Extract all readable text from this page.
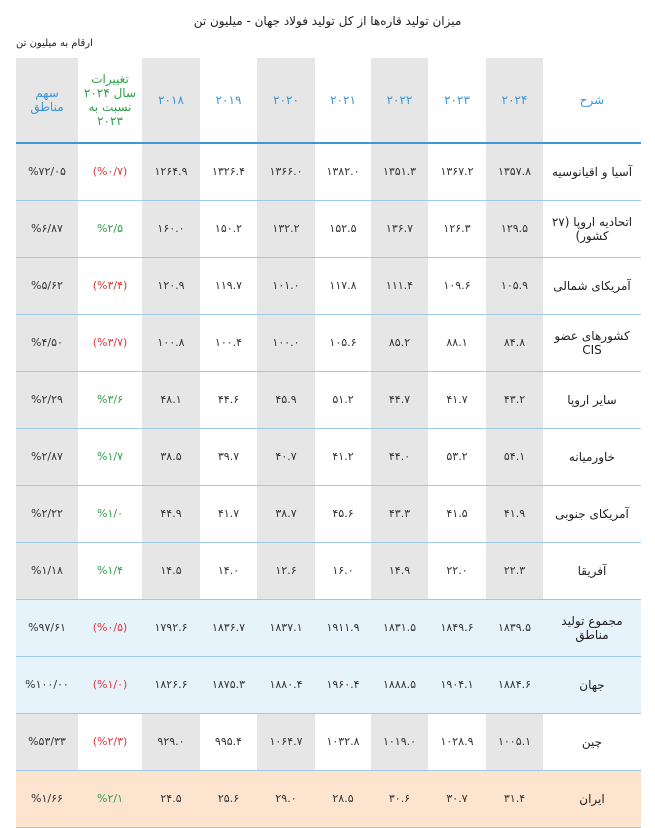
میزان تولید قاره‌ها از کل تولید فولاد جهان - میلیون تن
ارقام به میلیون تن
شرح	۲۰۲۴	۲۰۲۳	۲۰۲۲	۲۰۲۱	۲۰۲۰	۲۰۱۹	۲۰۱۸	تغییرات سال ۲۰۲۴ نسبت به ۲۰۲۳	سهم مناطق
آسیا و اقیانوسیه	۱۳۵۷.۸	۱۳۶۷.۲	۱۳۵۱.۳	۱۳۸۲.۰	۱۳۶۶.۰	۱۳۲۶.۴	۱۲۶۴.۹	(%۰/۷)	%۷۲/۰۵
اتحادیه اروپا (۲۷ کشور)	۱۲۹.۵	۱۲۶.۳	۱۳۶.۷	۱۵۲.۵	۱۳۲.۲	۱۵۰.۲	۱۶۰.۰	%۲/۵	%۶/۸۷
آمریکای شمالی	۱۰۵.۹	۱۰۹.۶	۱۱۱.۴	۱۱۷.۸	۱۰۱.۰	۱۱۹.۷	۱۲۰.۹	(%۳/۴)	%۵/۶۲
کشورهای عضو CIS	۸۴.۸	۸۸.۱	۸۵.۲	۱۰۵.۶	۱۰۰.۰	۱۰۰.۴	۱۰۰.۸	(%۳/۷)	%۴/۵۰
سایر اروپا	۴۳.۲	۴۱.۷	۴۴.۷	۵۱.۲	۴۵.۹	۴۴.۶	۴۸.۱	%۳/۶	%۲/۲۹
خاورمیانه	۵۴.۱	۵۳.۲	۴۴.۰	۴۱.۲	۴۰.۷	۳۹.۷	۳۸.۵	%۱/۷	%۲/۸۷
آمریکای جنوبی	۴۱.۹	۴۱.۵	۴۳.۳	۴۵.۶	۳۸.۷	۴۱.۷	۴۴.۹	%۱/۰	%۲/۲۲
آفریقا	۲۲.۳	۲۲.۰	۱۴.۹	۱۶.۰	۱۲.۶	۱۴.۰	۱۴.۵	%۱/۴	%۱/۱۸
مجموع تولید مناطق	۱۸۳۹.۵	۱۸۴۹.۶	۱۸۳۱.۵	۱۹۱۱.۹	۱۸۳۷.۱	۱۸۳۶.۷	۱۷۹۲.۶	(%۰/۵)	%۹۷/۶۱
جهان	۱۸۸۴.۶	۱۹۰۴.۱	۱۸۸۸.۵	۱۹۶۰.۴	۱۸۸۰.۴	۱۸۷۵.۳	۱۸۲۶.۶	(%۱/۰)	%۱۰۰/۰۰
چین	۱۰۰۵.۱	۱۰۲۸.۹	۱۰۱۹.۰	۱۰۳۲.۸	۱۰۶۴.۷	۹۹۵.۴	۹۲۹.۰	(%۲/۳)	%۵۳/۳۳
ایران	۳۱.۴	۳۰.۷	۳۰.۶	۲۸.۵	۲۹.۰	۲۵.۶	۲۴.۵	%۲/۱	%۱/۶۶
